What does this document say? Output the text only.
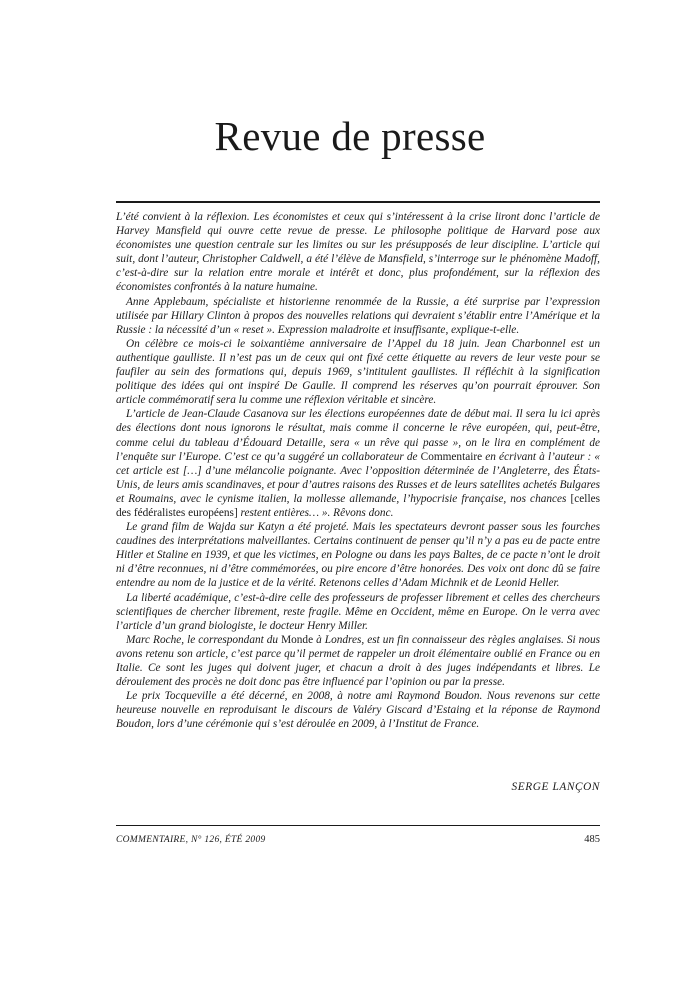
Revue de presse

L’été convient à la réflexion. Les économistes et ceux qui s’intéressent à la crise liront donc l’article de Harvey Mansfield qui ouvre cette revue de presse. Le philosophe politique de Harvard pose aux économistes une question centrale sur les limites ou sur les présupposés de leur discipline. L’article qui suit, dont l’auteur, Christopher Caldwell, a été l’élève de Mansfield, s’interroge sur le phénomène Madoff, c’est-à-dire sur la relation entre morale et intérêt et donc, plus profondément, sur la réflexion des économistes confrontés à la nature humaine.

Anne Applebaum, spécialiste et historienne renommée de la Russie, a été surprise par l’expression utilisée par Hillary Clinton à propos des nouvelles relations qui devraient s’établir entre l’Amérique et la Russie : la nécessité d’un « reset ». Expression maladroite et insuffisante, explique-t-elle.

On célèbre ce mois-ci le soixantième anniversaire de l’Appel du 18 juin. Jean Charbonnel est un authentique gaulliste. Il n’est pas un de ceux qui ont fixé cette étiquette au revers de leur veste pour se faufiler au sein des formations qui, depuis 1969, s’intitulent gaullistes. Il réfléchit à la signification politique des idées qui ont inspiré De Gaulle. Il comprend les réserves qu’on pourrait éprouver. Son article commémoratif sera lu comme une réflexion véritable et sincère.

L’article de Jean-Claude Casanova sur les élections européennes date de début mai. Il sera lu ici après des élections dont nous ignorons le résultat, mais comme il concerne le rêve européen, qui, peut-être, comme celui du tableau d’Édouard Detaille, sera « un rêve qui passe », on le lira en complément de l’enquête sur l’Europe. C’est ce qu’a suggéré un collaborateur de Commentaire en écrivant à l’auteur : « cet article est […] d’une mélancolie poignante. Avec l’opposition déterminée de l’Angleterre, des États-Unis, de leurs amis scandinaves, et pour d’autres raisons des Russes et de leurs satellites achetés Bulgares et Roumains, avec le cynisme italien, la mollesse allemande, l’hypocrisie française, nos chances [celles des fédéralistes européens] restent entières… ». Rêvons donc.

Le grand film de Wajda sur Katyn a été projeté. Mais les spectateurs devront passer sous les fourches caudines des interprétations malveillantes. Certains continuent de penser qu’il n’y a pas eu de pacte entre Hitler et Staline en 1939, et que les victimes, en Pologne ou dans les pays Baltes, de ce pacte n’ont le droit ni d’être reconnues, ni d’être commémorées, ou pire encore d’être honorées. Des voix ont donc dû se faire entendre au nom de la justice et de la vérité. Retenons celles d’Adam Michnik et de Leonid Heller.

La liberté académique, c’est-à-dire celle des professeurs de professer librement et celles des chercheurs scientifiques de chercher librement, reste fragile. Même en Occident, même en Europe. On le verra avec l’article d’un grand biologiste, le docteur Henry Miller.

Marc Roche, le correspondant du Monde à Londres, est un fin connaisseur des règles anglaises. Si nous avons retenu son article, c’est parce qu’il permet de rappeler un droit élémentaire oublié en France ou en Italie. Ce sont les juges qui doivent juger, et chacun a droit à des juges indépendants et libres. Le déroulement des procès ne doit donc pas être influencé par l’opinion ou par la presse.

Le prix Tocqueville a été décerné, en 2008, à notre ami Raymond Boudon. Nous revenons sur cette heureuse nouvelle en reproduisant le discours de Valéry Giscard d’Estaing et la réponse de Raymond Boudon, lors d’une cérémonie qui s’est déroulée en 2009, à l’Institut de France.

SERGE LANÇON
COMMENTAIRE, N° 126, ÉTÉ 2009	485
